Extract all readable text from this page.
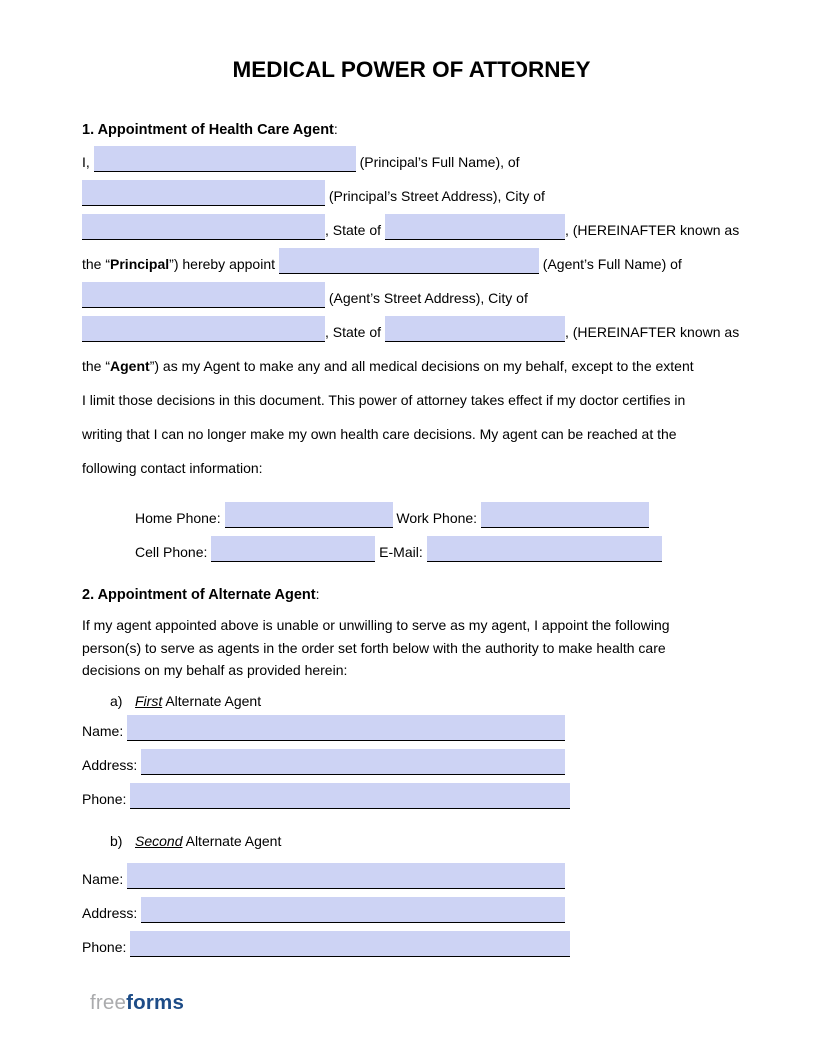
MEDICAL POWER OF ATTORNEY
1. Appointment of Health Care Agent:
I,	(Principal’s Full Name), of
(Principal’s Street Address), City of
, State of	, (HEREINAFTER known as
the “Principal”) hereby appoint	(Agent’s Full Name) of
(Agent’s Street Address), City of
, State of	, (HEREINAFTER known as
the “Agent”) as my Agent to make any and all medical decisions on my behalf, except to the extent
I limit those decisions in this document. This power of attorney takes effect if my doctor certifies in
writing that I can no longer make my own health care decisions. My agent can be reached at the
following contact information:
Home Phone:	Work Phone:
Cell Phone:	E-Mail:
2. Appointment of Alternate Agent:
If my agent appointed above is unable or unwilling to serve as my agent, I appoint the following
person(s) to serve as agents in the order set forth below with the authority to make health care
decisions on my behalf as provided herein:
a) First Alternate Agent
Name:
Address:
Phone:
b) Second Alternate Agent
Name:
Address:
Phone:
freeforms
